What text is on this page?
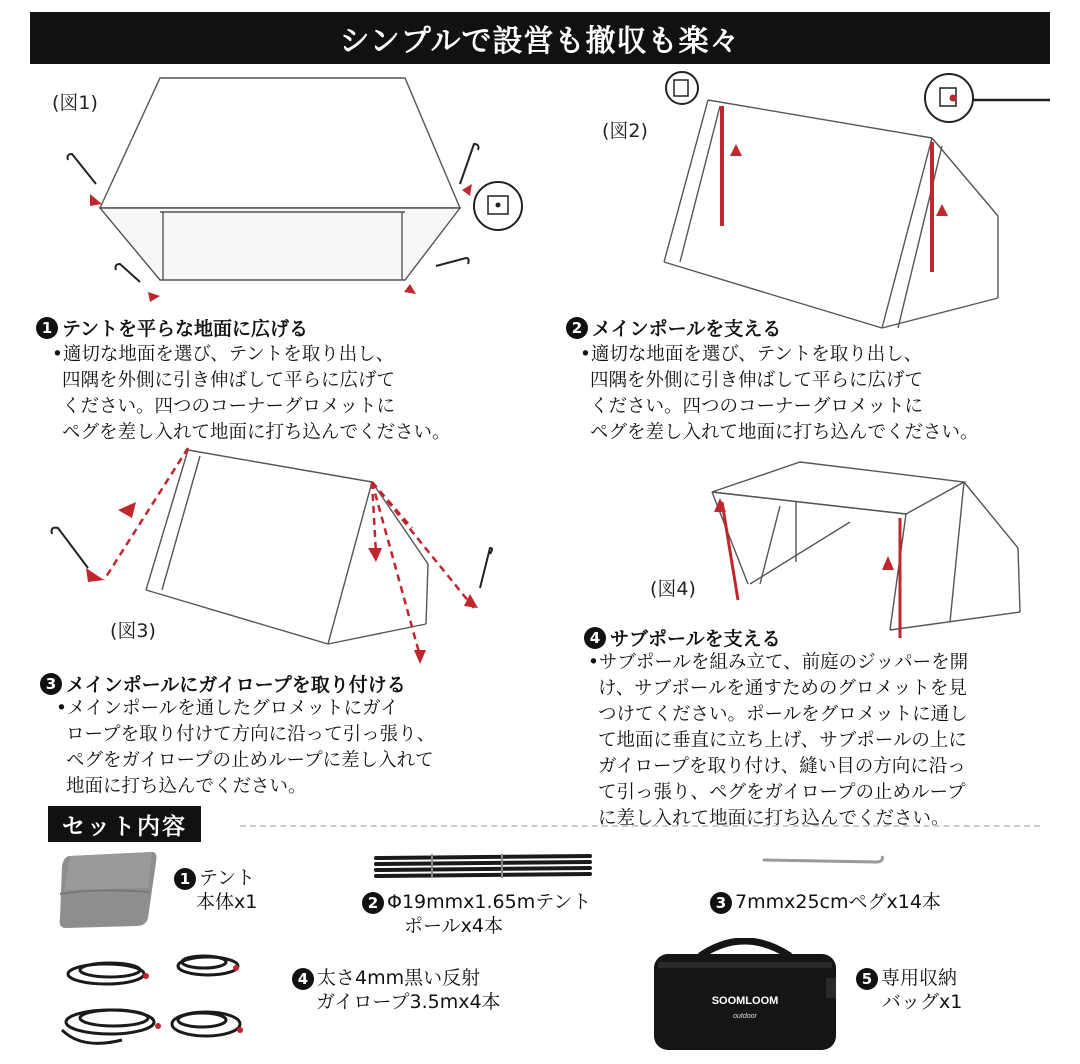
シンプルで設営も撤収も楽々
(図1)
1 テントを平らな地面に広げる
•適切な地面を選び、テントを取り出し、
四隅を外側に引き伸ばして平らに広げて
ください。四つのコーナーグロメットに
ペグを差し入れて地面に打ち込んでください。
(図2)
2 メインポールを支える
•適切な地面を選び、テントを取り出し、
四隅を外側に引き伸ばして平らに広げて
ください。四つのコーナーグロメットに
ペグを差し入れて地面に打ち込んでください。
(図3)
3 メインポールにガイロープを取り付ける
•メインポールを通したグロメットにガイ
ロープを取り付けて方向に沿って引っ張り、
ペグをガイロープの止めループに差し入れて
地面に打ち込んでください。
(図4)
4 サブポールを支える
•サブポールを組み立て、前庭のジッパーを開
け、サブポールを通すためのグロメットを見
つけてください。ポールをグロメットに通し
て地面に垂直に立ち上げ、サブポールの上に
ガイロープを取り付け、縫い目の方向に沿っ
て引っ張り、ペグをガイロープの止めループ
に差し入れて地面に打ち込んでください。
セット内容
1 テント
本体x1	2 Φ19mmx1.65mテント
ポールx4本
3 7mmx25cmペグx14本
4 太さ4mm黒い反射
ガイロープ3.5mx4本	SOOMLOOM
outdoor
5 専用収納
バッグx1
